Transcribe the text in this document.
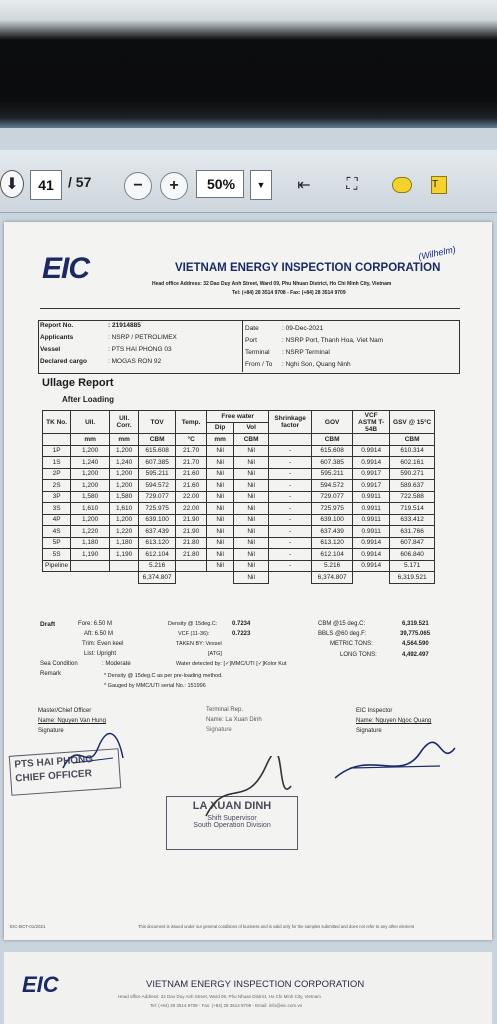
⬇	41	/ 57	− +	50%	▼	⇤	⛶	T
EIC	VIETNAM ENERGY INSPECTION CORPORATION
(Wilhelm)
Head office Address: 32 Dao Duy Anh Street, Ward 09, Phu Nhuan District, Ho Chi Minh City, Vietnam
Tel: (+84) 28 3514 9708 - Fax: (+84) 28 3514 9709
Report No.	: 21914885
Applicants	: NSRP / PETROLIMEX
Vessel	: PTS HAI PHONG 03
Declared cargo	: MOGAS RON 92
Date	: 09-Dec-2021
Port	: NSRP Port, Thanh Hoa, Viet Nam
Terminal : NSRP Terminal
From / To : Nghi Son, Quang Ninh
Ullage Report
After Loading
TK No.	Ull.	Ull. Corr.	TOV	Temp.	Free water		Shrinkage factor	GOV	VCF ASTM T-54B	GSV @ 15°C
					Dip	Vol				
	mm	mm	CBM	°C	mm	CBM		CBM		CBM
1P	1,200	1,200	615.608	21.70	Nil	Nil	-	615.608	0.9914	610.314
1S	1,240	1,240	607.385	21.70	Nil	Nil	-	607.385	0.9914	602.161
2P	1,200	1,200	595.211	21.60	Nil	Nil	-	595.211	0.9917	590.271
2S	1,200	1,200	594.572	21.60	Nil	Nil	-	594.572	0.9917	589.637
3P	1,580	1,580	729.077	22.00	Nil	Nil	-	729.077	0.9911	722.588
3S	1,610	1,610	725.975	22.00	Nil	Nil	-	725.975	0.9911	719.514
4P	1,200	1,200	639.100	21.90	Nil	Nil	-	639.100	0.9911	633.412
4S	1,220	1,220	637.439	21.90	Nil	Nil	-	637.439	0.9911	631.766
5P	1,180	1,180	613.120	21.80	Nil	Nil	-	613.120	0.9914	607.847
5S	1,190	1,190	612.104	21.80	Nil	Nil	-	612.104	0.9914	606.840
Pipeline			5.216		Nil	Nil	-	5.216	0.9914	5.171
			6,374.807			Nil		6,374.807		6,319.521
Draft	Fore: 6.50 M
Aft: 6.50 M
Trim: Even keel
List: Upright
Density @ 15deg.C: 0.7234
VCF (11-36):	0.7223
TAKEN BY: Vessel
[ATG]
CBM @15 deg.C:	6,319.521
BBLS @60 deg.F:	39,775.065
METRIC TONS:	4,564.590
LONG TONS:	4,492.497
Sea Condition	: Moderate
Remark
Water detected by: [✓]MMC/UTI [✓]Kolor Kut
* Density @ 15deg.C as per pre-loading method.
* Gauged by MMC/UTI serial No.: 151996
Master/Chief Officer
Name: Nguyen Van Hung
Signature
Terminal Rep.
Name: La Xuan Dinh
Signature
EIC Inspector
Name: Nguyen Ngoc Quang
Signature
PTS HAI PHONG
CHIEF OFFICER
LA XUAN DINH
Shift Supervisor
South Operation Division
EIC-BCT-01/2021	This document is issued under our general conditions of business and is valid only for the samples submitted and does not refer to any other element
EIC	VIETNAM ENERGY INSPECTION CORPORATION
Head office Address: 32 Dao Duy Anh Street, Ward 09, Phu Nhuan District, Ho Chi Minh City, Vietnam
Tel: (+84) 28 3514 9708 - Fax: (+84) 28 3514 9709 - Email: info@eic.com.vn
